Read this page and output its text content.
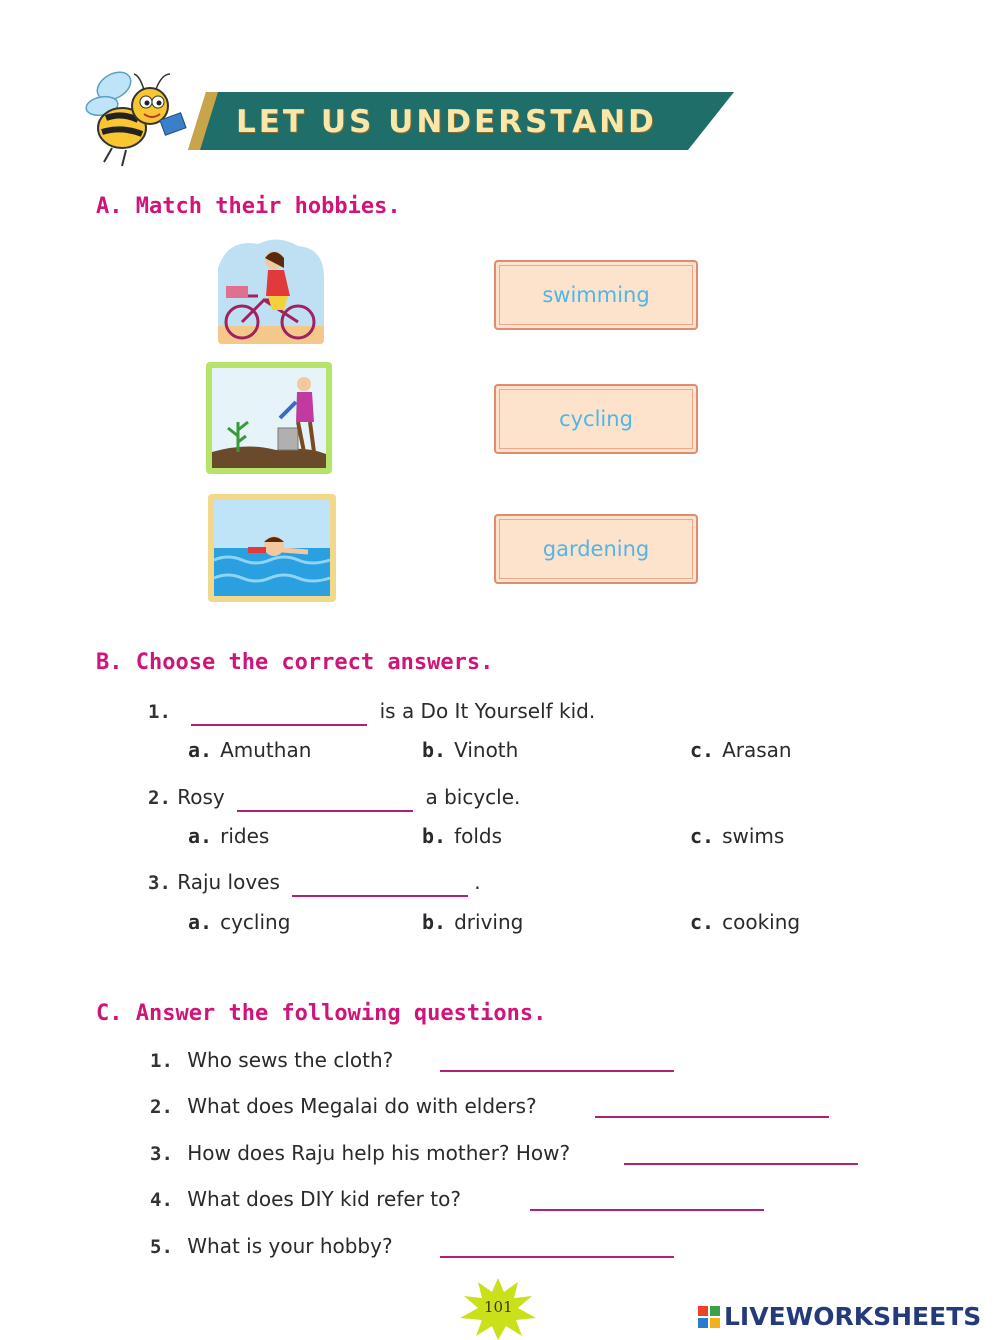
LET US UNDERSTAND
A. Match their hobbies.
swimming
cycling
gardening
B. Choose the correct answers.
1.	is a Do It Yourself kid.
a. Amuthan	b. Vinoth	c. Arasan
2. Rosy	a bicycle.
a. rides	b. folds	c. swims
3. Raju loves	.
a. cycling	b. driving	c. cooking
C. Answer the following questions.
1. Who sews the cloth?
2. What does Megalai do with elders?
3. How does Raju help his mother? How?
4. What does DIY kid refer to?
5. What is your hobby?
101	LIVEWORKSHEETS
